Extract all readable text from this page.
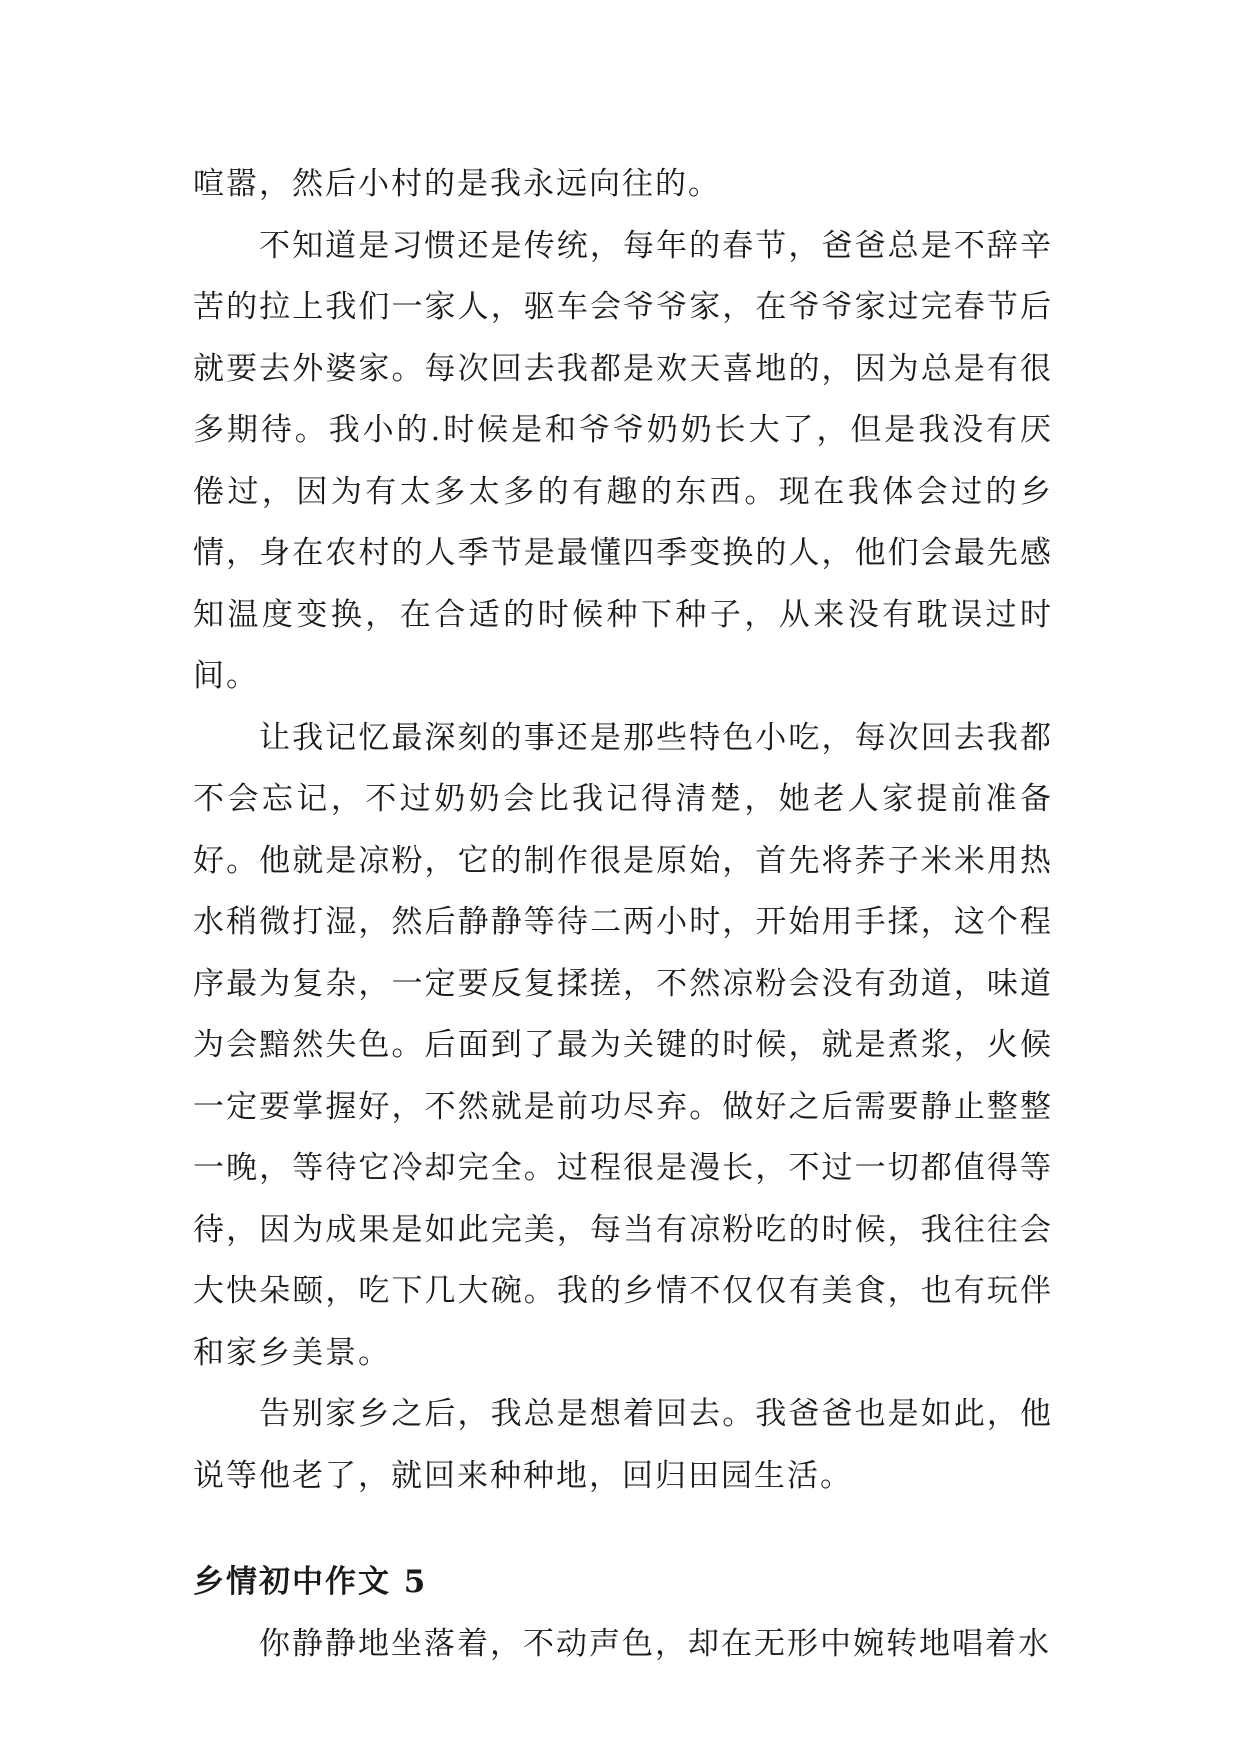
喧嚣，然后小村的是我永远向往的。

不知道是习惯还是传统，每年的春节，爸爸总是不辞辛苦的拉上我们一家人，驱车会爷爷家，在爷爷家过完春节后就要去外婆家。每次回去我都是欢天喜地的，因为总是有很多期待。我小的.时候是和爷爷奶奶长大了，但是我没有厌倦过，因为有太多太多的有趣的东西。现在我体会过的乡情，身在农村的人季节是最懂四季变换的人，他们会最先感知温度变换，在合适的时候种下种子，从来没有耽误过时间。

让我记忆最深刻的事还是那些特色小吃，每次回去我都不会忘记，不过奶奶会比我记得清楚，她老人家提前准备好。他就是凉粉，它的制作很是原始，首先将荞子米米用热水稍微打湿，然后静静等待二两小时，开始用手揉，这个程序最为复杂，一定要反复揉搓，不然凉粉会没有劲道，味道为会黯然失色。后面到了最为关键的时候，就是煮浆，火候一定要掌握好，不然就是前功尽弃。做好之后需要静止整整一晚，等待它冷却完全。过程很是漫长，不过一切都值得等待，因为成果是如此完美，每当有凉粉吃的时候，我往往会大快朵颐，吃下几大碗。我的乡情不仅仅有美食，也有玩伴和家乡美景。

告别家乡之后，我总是想着回去。我爸爸也是如此，他说等他老了，就回来种种地，回归田园生活。

乡情初中作文 5

你静静地坐落着，不动声色，却在无形中婉转地唱着水
